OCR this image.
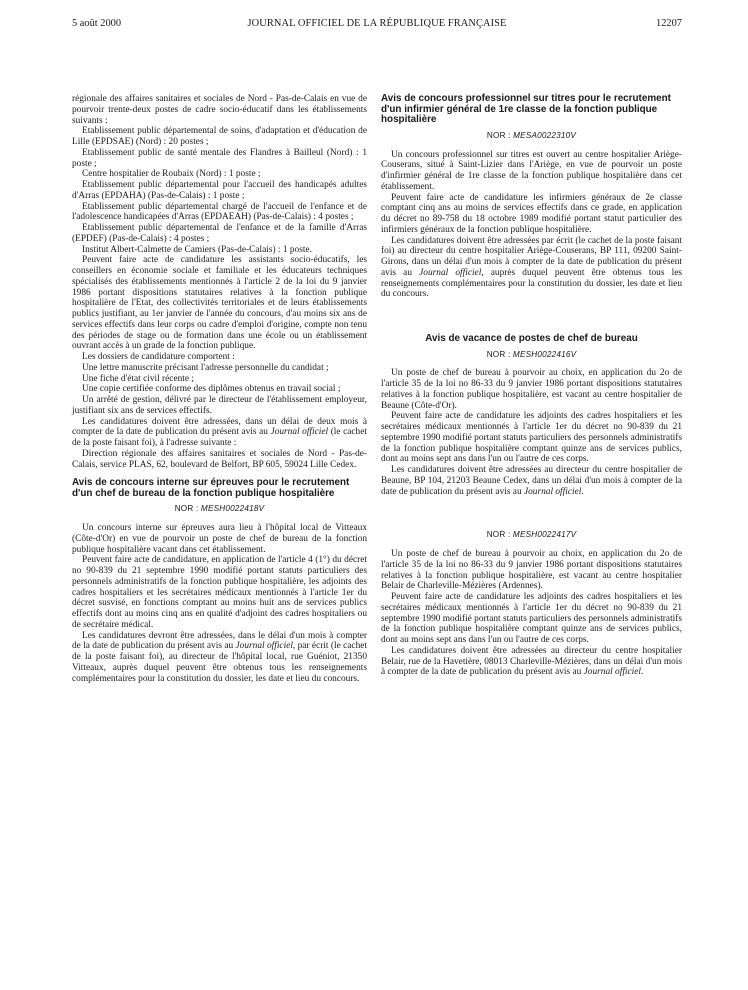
5 août 2000	JOURNAL OFFICIEL DE LA RÉPUBLIQUE FRANÇAISE	12207

régionale des affaires sanitaires et sociales de Nord - Pas-de-Calais en vue de pourvoir trente-deux postes de cadre socio-éducatif dans les établissements suivants :

Etablissement public départemental de soins, d'adaptation et d'éducation de Lille (EPDSAE) (Nord) : 20 postes ;

Etablissement public de santé mentale des Flandres à Bailleul (Nord) : 1 poste ;

Centre hospitalier de Roubaix (Nord) : 1 poste ;

Etablissement public départemental pour l'accueil des handicapés adultes d'Arras (EPDAHA) (Pas-de-Calais) : 1 poste ;

Etablissement public départemental chargé de l'accueil de l'enfance et de l'adolescence handicapées d'Arras (EPDAEAH) (Pas-de-Calais) : 4 postes ;

Etablissement public départemental de l'enfance et de la famille d'Arras (EPDEF) (Pas-de-Calais) : 4 postes ;

Institut Albert-Calmette de Camiers (Pas-de-Calais) : 1 poste.

Peuvent faire acte de candidature les assistants socio-éducatifs, les conseillers en économie sociale et familiale et les éducateurs techniques spécialisés des établissements mentionnés à l'article 2 de la loi du 9 janvier 1986 portant dispositions statutaires relatives à la fonction publique hospitalière de l'Etat, des collectivités territoriales et de leurs établissements publics justifiant, au 1er janvier de l'année du concours, d'au moins six ans de services effectifs dans leur corps ou cadre d'emploi d'origine, compte non tenu des périodes de stage ou de formation dans une école ou un établissement ouvrant accès à un grade de la fonction publique.

Les dossiers de candidature comportent :

Une lettre manuscrite précisant l'adresse personnelle du candidat ;

Une fiche d'état civil récente ;

Une copie certifiée conforme des diplômes obtenus en travail social ;

Un arrêté de gestion, délivré par le directeur de l'établissement employeur, justifiant six ans de services effectifs.

Les candidatures doivent être adressées, dans un délai de deux mois à compter de la date de publication du présent avis au Journal officiel (le cachet de la poste faisant foi), à l'adresse suivante :

Direction régionale des affaires sanitaires et sociales de Nord - Pas-de-Calais, service PLAS, 62, boulevard de Belfort, BP 605, 59024 Lille Cedex.

Avis de concours interne sur épreuves pour le recrutement d'un chef de bureau de la fonction publique hospitalière
NOR : MESH0022418V

Un concours interne sur épreuves aura lieu à l'hôpital local de Vitteaux (Côte-d'Or) en vue de pourvoir un poste de chef de bureau de la fonction publique hospitalière vacant dans cet établissement.

Peuvent faire acte de candidature, en application de l'article 4 (1°) du décret no 90-839 du 21 septembre 1990 modifié portant statuts particuliers des personnels administratifs de la fonction publique hospitalière, les adjoints des cadres hospitaliers et les secrétaires médicaux mentionnés à l'article 1er du décret susvisé, en fonctions comptant au moins huit ans de services publics effectifs dont au moins cinq ans en qualité d'adjoint des cadres hospitaliers ou de secrétaire médical.

Les candidatures devront être adressées, dans le délai d'un mois à compter de la date de publication du présent avis au Journal officiel, par écrit (le cachet de la poste faisant foi), au directeur de l'hôpital local, rue Guéniot, 21350 Vitteaux, auprès duquel peuvent être obtenus tous les renseignements complémentaires pour la constitution du dossier, les date et lieu du concours.

Avis de concours professionnel sur titres pour le recrutement d'un infirmier général de 1re classe de la fonction publique hospitalière
NOR : MESA0022310V

Un concours professionnel sur titres est ouvert au centre hospitalier Ariège-Couserans, situé à Saint-Lizier dans l'Ariège, en vue de pourvoir un poste d'infirmier général de 1re classe de la fonction publique hospitalière dans cet établissement.

Peuvent faire acte de candidature les infirmiers généraux de 2e classe comptant cinq ans au moins de services effectifs dans ce grade, en application du décret no 89-758 du 18 octobre 1989 modifié portant statut particulier des infirmiers généraux de la fonction publique hospitalière.

Les candidatures doivent être adressées par écrit (le cachet de la poste faisant foi) au directeur du centre hospitalier Ariège-Couserans, BP 111, 09200 Saint-Girons, dans un délai d'un mois à compter de la date de publication du présent avis au Journal officiel, auprès duquel peuvent être obtenus tous les renseignements complémentaires pour la constitution du dossier, les date et lieu du concours.

Avis de vacance de postes de chef de bureau
NOR : MESH0022416V

Un poste de chef de bureau à pourvoir au choix, en application du 2o de l'article 35 de la loi no 86-33 du 9 janvier 1986 portant dispositions statutaires relatives à la fonction publique hospitalière, est vacant au centre hospitalier de Beaune (Côte-d'Or).

Peuvent faire acte de candidature les adjoints des cadres hospitaliers et les secrétaires médicaux mentionnés à l'article 1er du décret no 90-839 du 21 septembre 1990 modifié portant statuts particuliers des personnels administratifs de la fonction publique hospitalière comptant quinze ans de services publics, dont au moins sept ans dans l'un ou l'autre de ces corps.

Les candidatures doivent être adressées au directeur du centre hospitalier de Beaune, BP 104, 21203 Beaune Cedex, dans un délai d'un mois à compter de la date de publication du présent avis au Journal officiel.

NOR : MESH0022417V

Un poste de chef de bureau à pourvoir au choix, en application du 2o de l'article 35 de la loi no 86-33 du 9 janvier 1986 portant dispositions statutaires relatives à la fonction publique hospitalière, est vacant au centre hospitalier Belair de Charleville-Mézières (Ardennes).

Peuvent faire acte de candidature les adjoints des cadres hospitaliers et les secrétaires médicaux mentionnés à l'article 1er du décret no 90-839 du 21 septembre 1990 modifié portant statuts particuliers des personnels administratifs de la fonction publique hospitalière comptant quinze ans de services publics, dont au moins sept ans dans l'un ou l'autre de ces corps.

Les candidatures doivent être adressées au directeur du centre hospitalier Belair, rue de la Havetière, 08013 Charleville-Mézières, dans un délai d'un mois à compter de la date de publication du présent avis au Journal officiel.
